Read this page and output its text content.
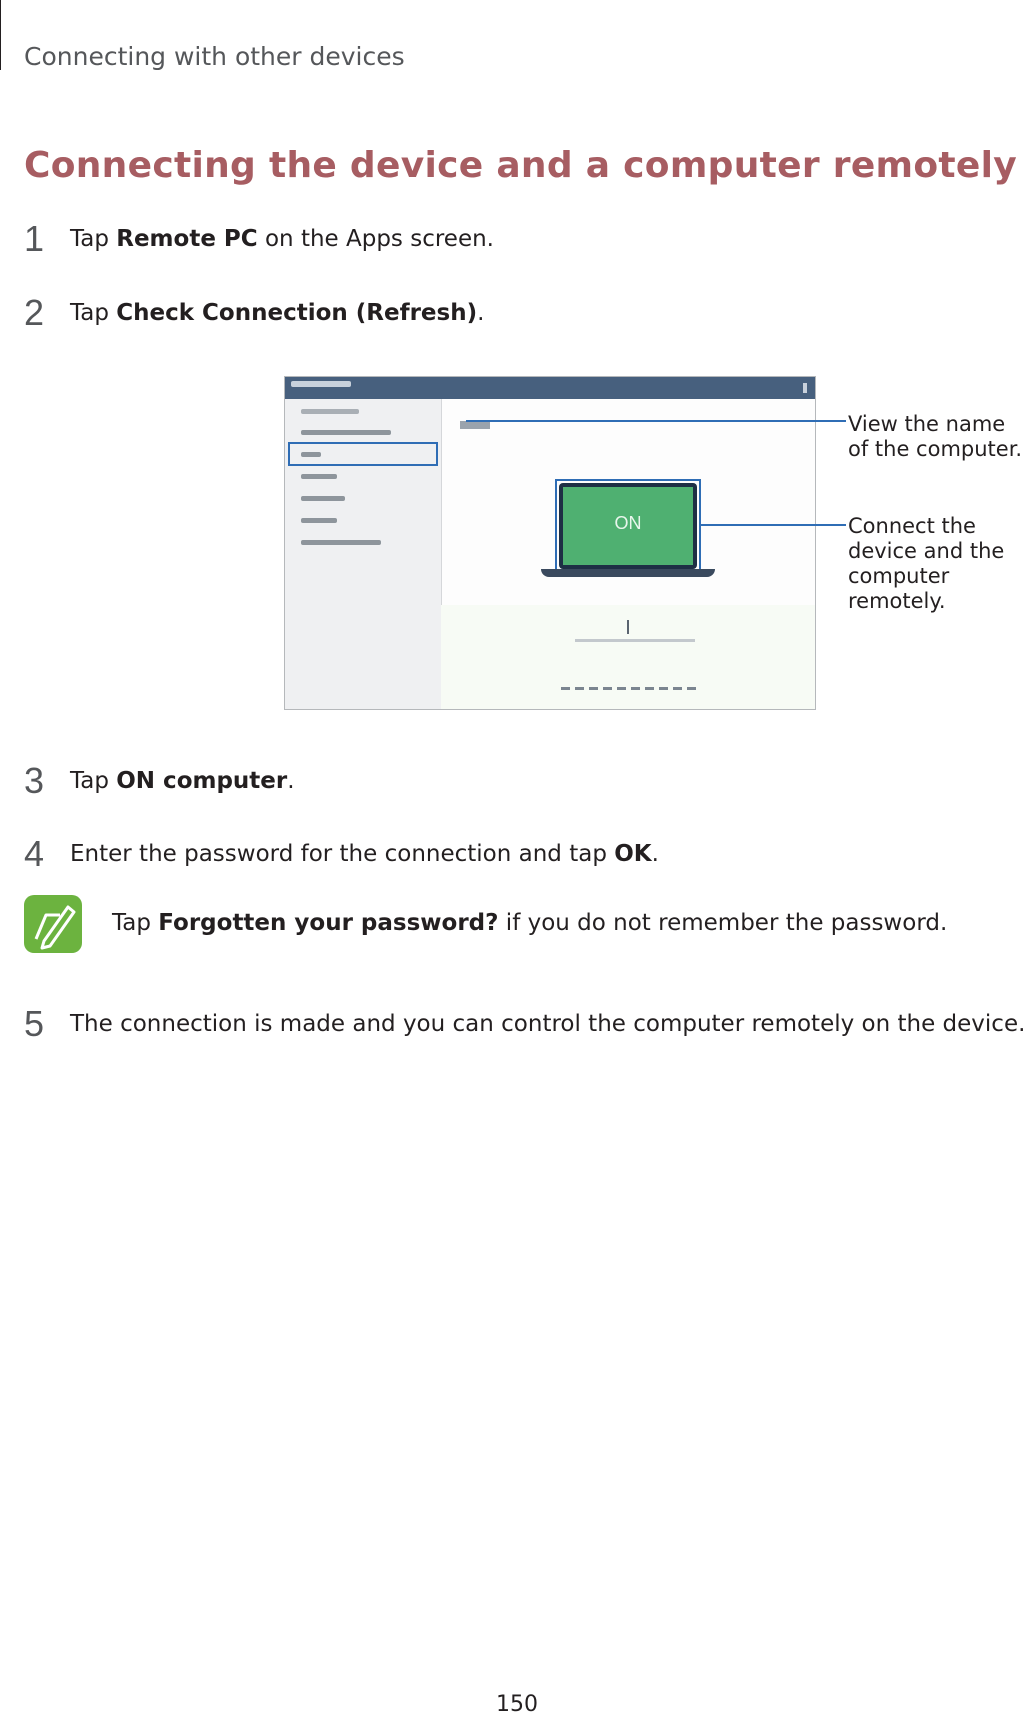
Connecting with other devices
Connecting the device and a computer remotely
1 Tap Remote PC on the Apps screen.
2 Tap Check Connection (Refresh).
ON
View the name of the computer.
Connect the device and the computer remotely.
3 Tap ON computer.
4 Enter the password for the connection and tap OK.
Tap Forgotten your password? if you do not remember the password.
5 The connection is made and you can control the computer remotely on the device.
150
